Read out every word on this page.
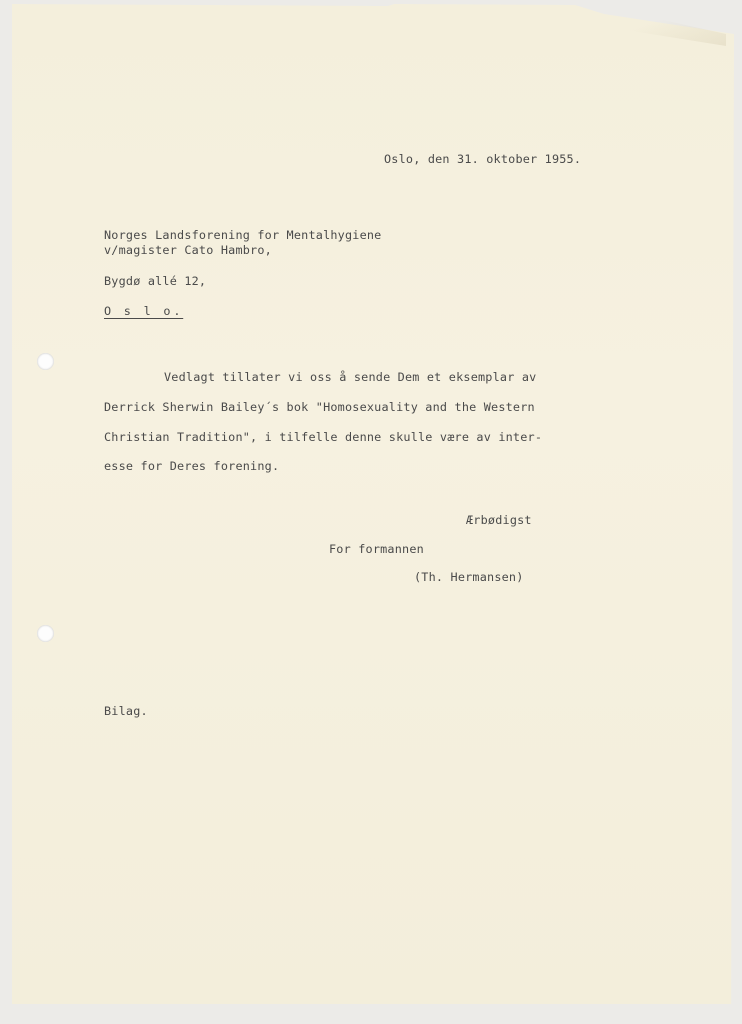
Oslo, den 31. oktober 1955.
Norges Landsforening for Mentalhygiene
v/magister Cato Hambro,
Bygdø allé 12,
O s l o.
Vedlagt tillater vi oss å sende Dem et eksemplar av
Derrick Sherwin Bailey´s bok "Homosexuality and the Western
Christian Tradition", i tilfelle denne skulle være av inter-
esse for Deres forening.
Ærbødigst
For formannen
(Th. Hermansen)
Bilag.
